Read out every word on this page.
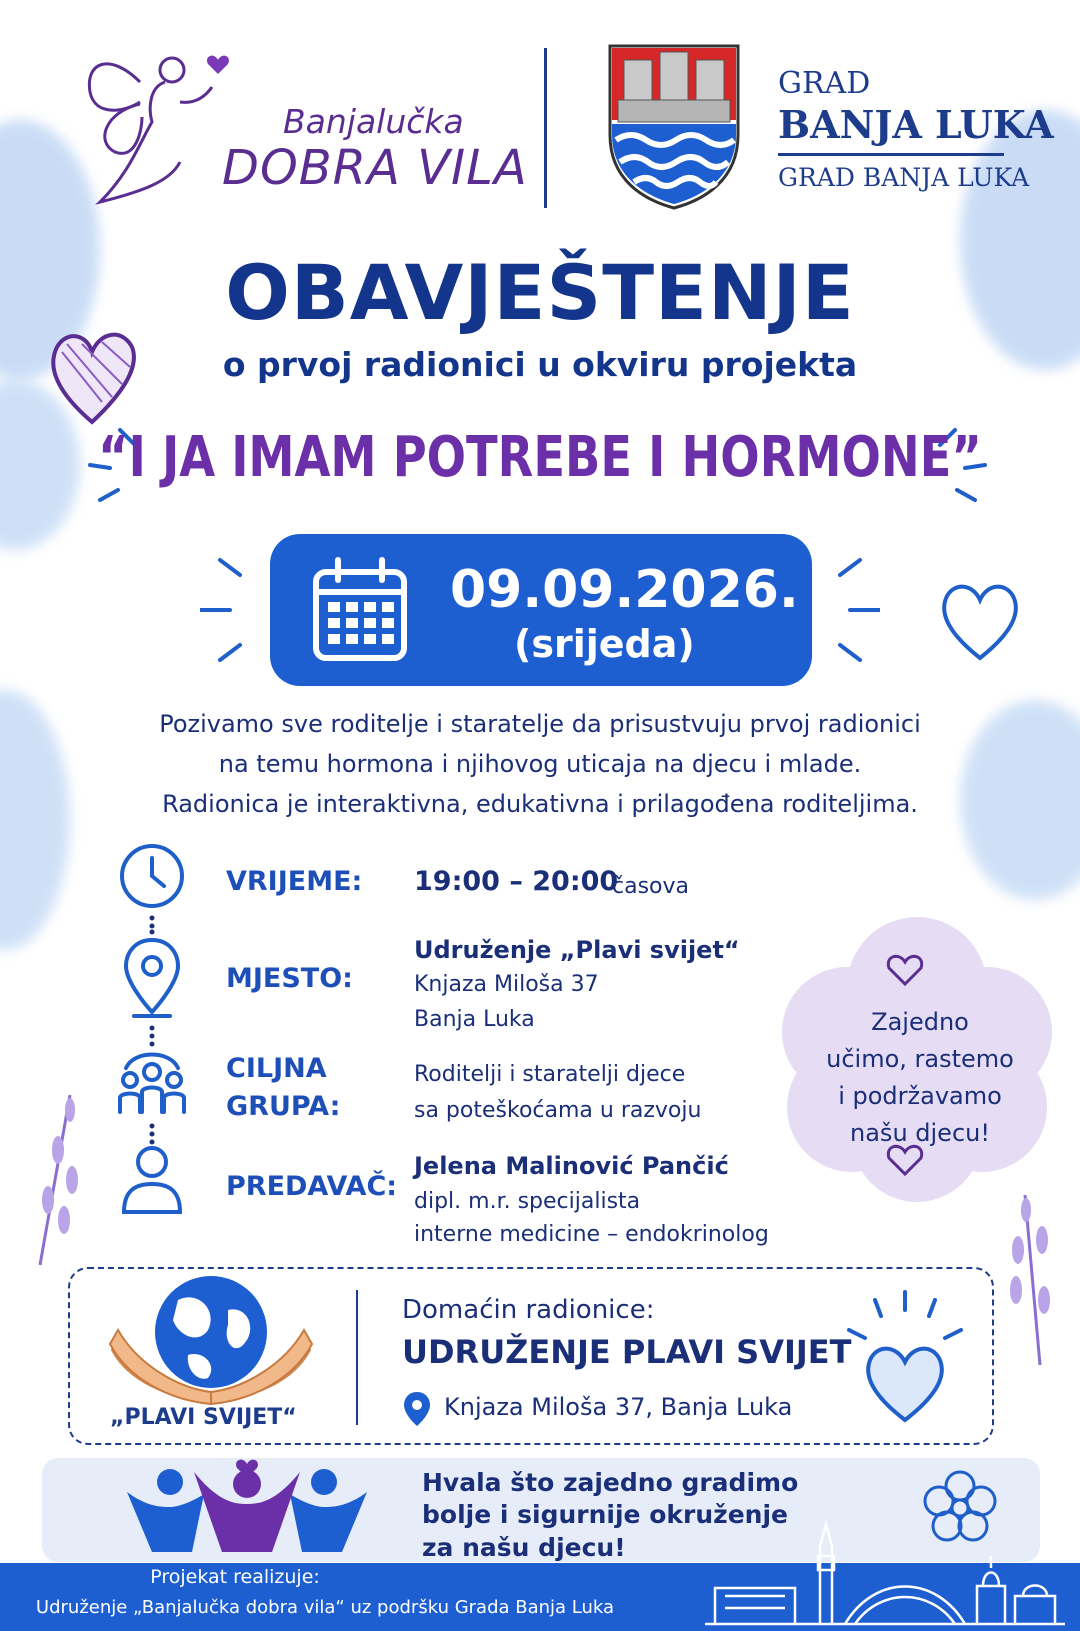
Banjalučka
DOBRA VILA
GRAD
BANJA LUKA
GRAD BANJA LUKA
OBAVJEŠTENJE
o prvoj radionici u okviru projekta
“I JA IMAM POTREBE I HORMONE”
09.09.2026.
(srijeda)
Pozivamo sve roditelje i staratelje da prisustvuju prvoj radionici
na temu hormona i njihovog uticaja na djecu i mlade.
Radionica je interaktivna, edukativna i prilagođena roditeljima.
VRIJEME: 19:00 – 20:00
časova
MJESTO:
Udruženje „Plavi svijet“
Knjaza Miloša 37
Banja Luka
CILJNA
GRUPA:
Roditelji i staratelji djece
sa poteškoćama u razvoju
PREDAVAČ:
Jelena Malinović Pančić
dipl. m.r. specijalista
interne medicine – endokrinolog
Zajedno
učimo, rastemo
i podržavamo
našu djecu!
„PLAVI SVIJET“
Domaćin radionice:
UDRUŽENJE PLAVI SVIJET
Knjaza Miloša 37, Banja Luka
Hvala što zajedno gradimo
bolje i sigurnije okruženje
za našu djecu!
Projekat realizuje:
Udruženje „Banjalučka dobra vila“ uz podršku Grada Banja Luka
